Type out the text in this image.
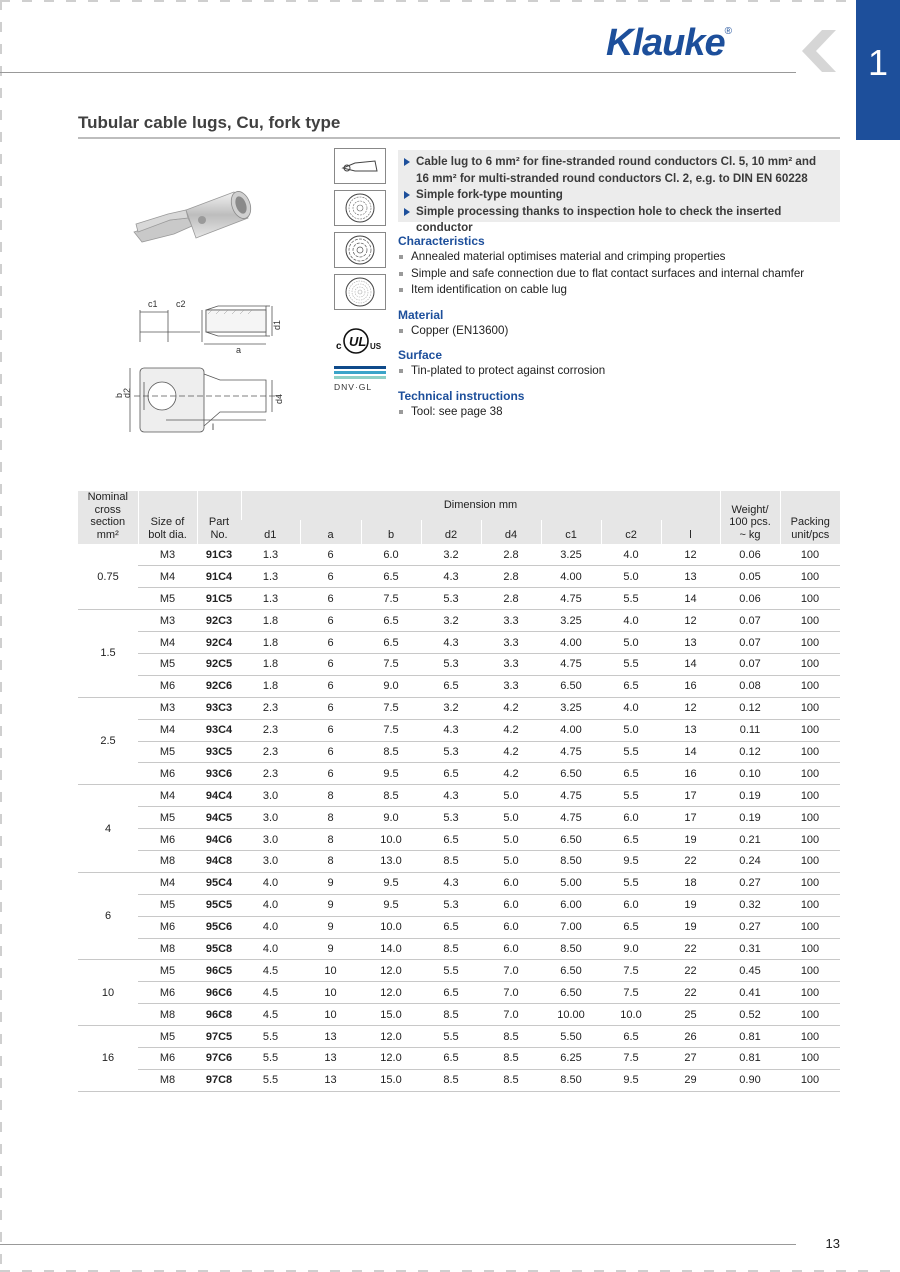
Klauke®
1
Tubular cable lugs, Cu, fork type
c1 c2
d1
a
b
d2
d4
l
UL
c	US
DNV·GL
Cable lug to 6 mm² for fine-stranded round conductors Cl. 5, 10 mm² and
16 mm² for multi-stranded round conductors Cl. 2, e.g. to DIN EN 60228
Simple fork-type mounting
Simple processing thanks to inspection hole to check the inserted conductor
Characteristics
Annealed material optimises material and crimping properties
Simple and safe connection due to flat contact surfaces and internal chamfer
Item identification on cable lug
Material
Copper (EN13600)
Surface
Tin-plated to protect against corrosion
Technical instructions
Tool: see page 38
Nominal
cross section
mm²	Size of
bolt dia.	Part
No.	Dimension mm								Weight/
100 pcs.
~ kg	Packing
unit/pcs
			d1	a	b	d2	d4	c1	c2	l		
0.75	M3	91C3	1.3	6	6.0	3.2	2.8	3.25	4.0	12	0.06	100
	M4	91C4	1.3	6	6.5	4.3	2.8	4.00	5.0	13	0.05	100
	M5	91C5	1.3	6	7.5	5.3	2.8	4.75	5.5	14	0.06	100
1.5	M3	92C3	1.8	6	6.5	3.2	3.3	3.25	4.0	12	0.07	100
	M4	92C4	1.8	6	6.5	4.3	3.3	4.00	5.0	13	0.07	100
	M5	92C5	1.8	6	7.5	5.3	3.3	4.75	5.5	14	0.07	100
	M6	92C6	1.8	6	9.0	6.5	3.3	6.50	6.5	16	0.08	100
2.5	M3	93C3	2.3	6	7.5	3.2	4.2	3.25	4.0	12	0.12	100
	M4	93C4	2.3	6	7.5	4.3	4.2	4.00	5.0	13	0.11	100
	M5	93C5	2.3	6	8.5	5.3	4.2	4.75	5.5	14	0.12	100
	M6	93C6	2.3	6	9.5	6.5	4.2	6.50	6.5	16	0.10	100
4	M4	94C4	3.0	8	8.5	4.3	5.0	4.75	5.5	17	0.19	100
	M5	94C5	3.0	8	9.0	5.3	5.0	4.75	6.0	17	0.19	100
	M6	94C6	3.0	8	10.0	6.5	5.0	6.50	6.5	19	0.21	100
	M8	94C8	3.0	8	13.0	8.5	5.0	8.50	9.5	22	0.24	100
6	M4	95C4	4.0	9	9.5	4.3	6.0	5.00	5.5	18	0.27	100
	M5	95C5	4.0	9	9.5	5.3	6.0	6.00	6.0	19	0.32	100
	M6	95C6	4.0	9	10.0	6.5	6.0	7.00	6.5	19	0.27	100
	M8	95C8	4.0	9	14.0	8.5	6.0	8.50	9.0	22	0.31	100
10	M5	96C5	4.5	10	12.0	5.5	7.0	6.50	7.5	22	0.45	100
	M6	96C6	4.5	10	12.0	6.5	7.0	6.50	7.5	22	0.41	100
	M8	96C8	4.5	10	15.0	8.5	7.0	10.00	10.0	25	0.52	100
16	M5	97C5	5.5	13	12.0	5.5	8.5	5.50	6.5	26	0.81	100
	M6	97C6	5.5	13	12.0	6.5	8.5	6.25	7.5	27	0.81	100
	M8	97C8	5.5	13	15.0	8.5	8.5	8.50	9.5	29	0.90	100
13
